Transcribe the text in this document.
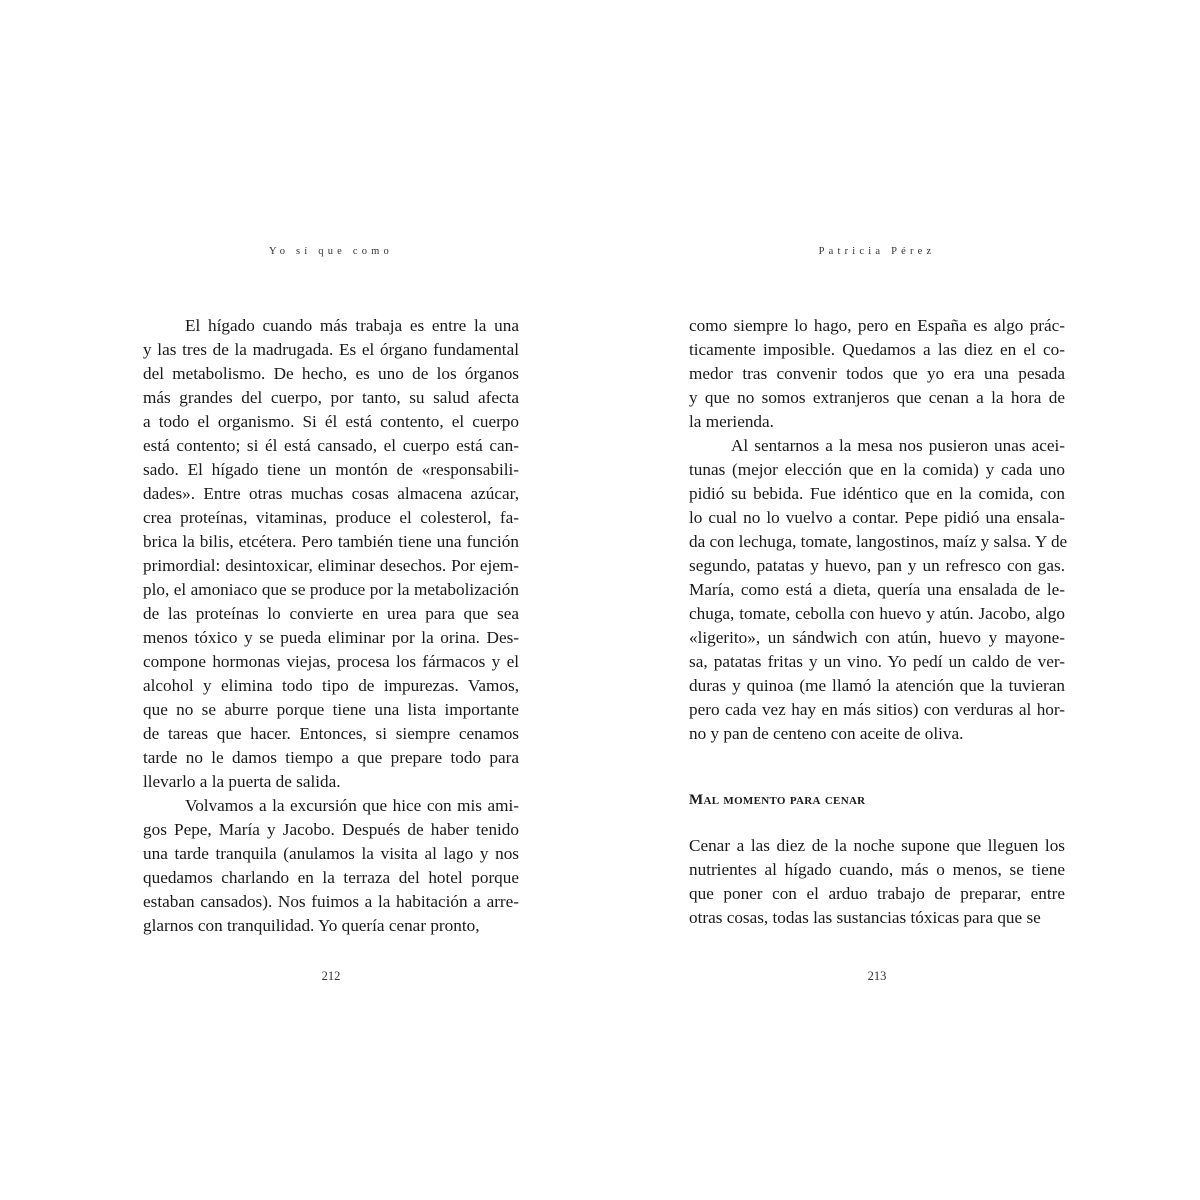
Yo sí que como

El hígado cuando más trabaja es entre la una
y las tres de la madrugada. Es el órgano fundamental
del metabolismo. De hecho, es uno de los órganos
más grandes del cuerpo, por tanto, su salud afecta
a todo el organismo. Si él está contento, el cuerpo
está contento; si él está cansado, el cuerpo está can-
sado. El hígado tiene un montón de «responsabili-
dades». Entre otras muchas cosas almacena azúcar,
crea proteínas, vitaminas, produce el colesterol, fa-
brica la bilis, etcétera. Pero también tiene una función
primordial: desintoxicar, eliminar desechos. Por ejem-
plo, el amoniaco que se produce por la metabolización
de las proteínas lo convierte en urea para que sea
menos tóxico y se pueda eliminar por la orina. Des-
compone hormonas viejas, procesa los fármacos y el
alcohol y elimina todo tipo de impurezas. Vamos,
que no se aburre porque tiene una lista importante
de tareas que hacer. Entonces, si siempre cenamos
tarde no le damos tiempo a que prepare todo para
llevarlo a la puerta de salida.

Volvamos a la excursión que hice con mis ami-
gos Pepe, María y Jacobo. Después de haber tenido
una tarde tranquila (anulamos la visita al lago y nos
quedamos charlando en la terraza del hotel porque
estaban cansados). Nos fuimos a la habitación a arre-
glarnos con tranquilidad. Yo quería cenar pronto,

212
Patricia Pérez

como siempre lo hago, pero en España es algo prác-
ticamente imposible. Quedamos a las diez en el co-
medor tras convenir todos que yo era una pesada
y que no somos extranjeros que cenan a la hora de
la merienda.

Al sentarnos a la mesa nos pusieron unas acei-
tunas (mejor elección que en la comida) y cada uno
pidió su bebida. Fue idéntico que en la comida, con
lo cual no lo vuelvo a contar. Pepe pidió una ensala-
da con lechuga, tomate, langostinos, maíz y salsa. Y de
segundo, patatas y huevo, pan y un refresco con gas.
María, como está a dieta, quería una ensalada de le-
chuga, tomate, cebolla con huevo y atún. Jacobo, algo
«ligerito», un sándwich con atún, huevo y mayone-
sa, patatas fritas y un vino. Yo pedí un caldo de ver-
duras y quinoa (me llamó la atención que la tuvieran
pero cada vez hay en más sitios) con verduras al hor-
no y pan de centeno con aceite de oliva.

Mal momento para cenar

Cenar a las diez de la noche supone que lleguen los
nutrientes al hígado cuando, más o menos, se tiene
que poner con el arduo trabajo de preparar, entre
otras cosas, todas las sustancias tóxicas para que se

213
